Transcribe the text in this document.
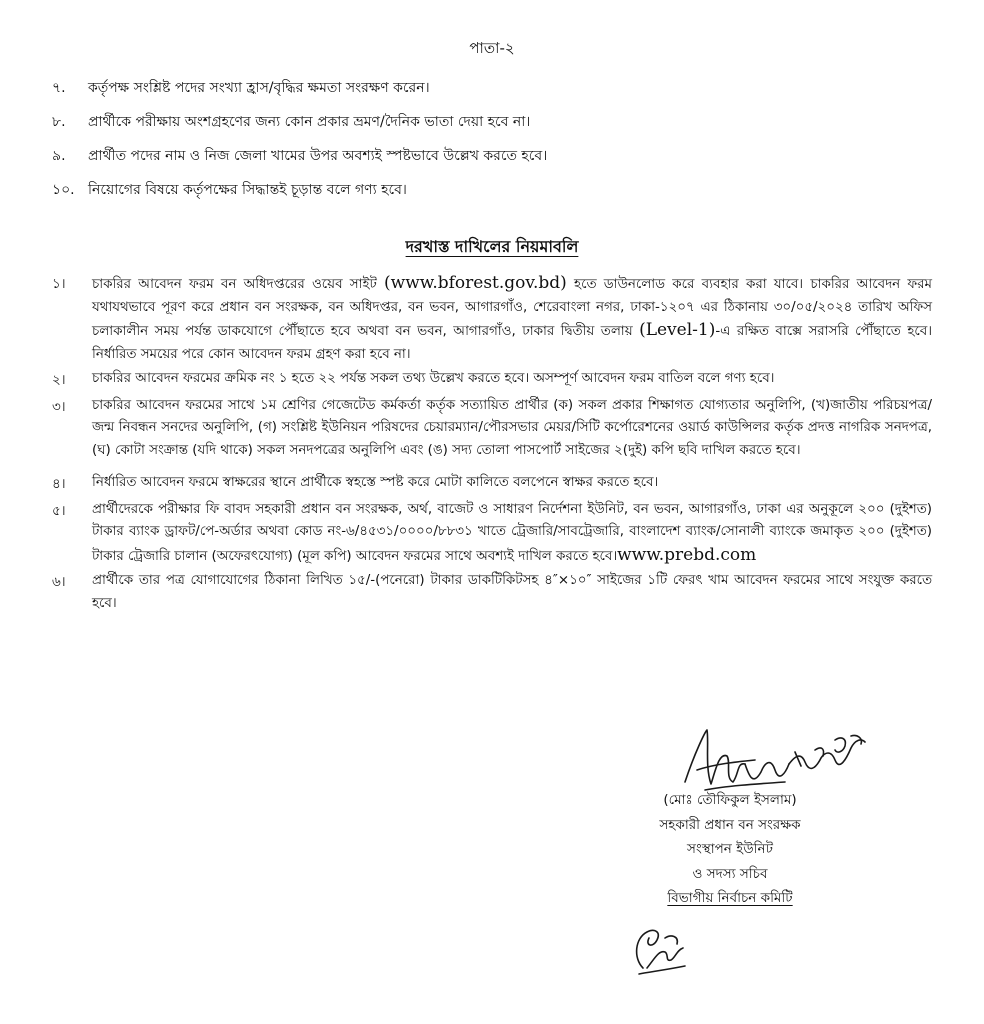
পাতা-২
৭.	কর্তৃপক্ষ সংশ্লিষ্ট পদের সংখ্যা হ্রাস/বৃদ্ধির ক্ষমতা সংরক্ষণ করেন।
৮.	প্রার্থীকে পরীক্ষায় অংশগ্রহণের জন্য কোন প্রকার ভ্রমণ/দৈনিক ভাতা দেয়া হবে না।
৯.	প্রার্থীত পদের নাম ও নিজ জেলা খামের উপর অবশ্যই স্পষ্টভাবে উল্লেখ করতে হবে।
১০. নিয়োগের বিষয়ে কর্তৃপক্ষের সিদ্ধান্তই চূড়ান্ত বলে গণ্য হবে।
দরখাস্ত দাখিলের নিয়মাবলি
১।	চাকরির আবেদন ফরম বন অধিদপ্তরের ওয়েব সাইট (www.bforest.gov.bd) হতে ডাউনলোড করে ব্যবহার করা যাবে। চাকরির আবেদন ফরম যথাযথভাবে পূরণ করে প্রধান বন সংরক্ষক, বন অধিদপ্তর, বন ভবন, আগারগাঁও, শেরেবাংলা নগর, ঢাকা-১২০৭ এর ঠিকানায় ৩০/০৫/২০২৪ তারিখ অফিস চলাকালীন সময় পর্যন্ত ডাকযোগে পৌঁছাতে হবে অথবা বন ভবন, আগারগাঁও, ঢাকার দ্বিতীয় তলায় (Level-1)-এ রক্ষিত বাক্সে সরাসরি পৌঁছাতে হবে। নির্ধারিত সময়ের পরে কোন আবেদন ফরম গ্রহণ করা হবে না।
২।	চাকরির আবেদন ফরমের ক্রমিক নং ১ হতে ২২ পর্যন্ত সকল তথ্য উল্লেখ করতে হবে। অসম্পূর্ণ আবেদন ফরম বাতিল বলে গণ্য হবে।
৩।	চাকরির আবেদন ফরমের সাথে ১ম শ্রেণির গেজেটেড কর্মকর্তা কর্তৃক সত্যায়িত প্রার্থীর (ক) সকল প্রকার শিক্ষাগত যোগ্যতার অনুলিপি, (খ)জাতীয় পরিচয়পত্র/জন্ম নিবন্ধন সনদের অনুলিপি, (গ) সংশ্লিষ্ট ইউনিয়ন পরিষদের চেয়ারম্যান/পৌরসভার মেয়র/সিটি কর্পোরেশনের ওয়ার্ড কাউন্সিলর কর্তৃক প্রদত্ত নাগরিক সনদপত্র, (ঘ) কোটা সংক্রান্ত (যদি থাকে) সকল সনদপত্রের অনুলিপি এবং (ঙ) সদ্য তোলা পাসপোর্ট সাইজের ২(দুই) কপি ছবি দাখিল করতে হবে।
৪।	নির্ধারিত আবেদন ফরমে স্বাক্ষরের স্থানে প্রার্থীকে স্বহস্তে স্পষ্ট করে মোটা কালিতে বলপেনে স্বাক্ষর করতে হবে।
৫।	প্রার্থীদেরকে পরীক্ষার ফি বাবদ সহকারী প্রধান বন সংরক্ষক, অর্থ, বাজেট ও সাধারণ নির্দেশনা ইউনিট, বন ভবন, আগারগাঁও, ঢাকা এর অনুকূলে ২০০ (দুইশত) টাকার ব্যাংক ড্রাফট/পে-অর্ডার অথবা কোড নং-৬/৪৫৩১/০০০০/৮৮৩১ খাতে ট্রেজারি/সাবট্রেজারি, বাংলাদেশ ব্যাংক/সোনালী ব্যাংকে জমাকৃত ২০০ (দুইশত) টাকার ট্রেজারি চালান (অফেরৎযোগ্য) (মূল কপি) আবেদন ফরমের সাথে অবশ্যই দাখিল করতে হবে।www.prebd.com
৬।	প্রার্থীকে তার পত্র যোগাযোগের ঠিকানা লিখিত ১৫/-(পনেরো) টাকার ডাকটিকিটসহ ৪″×১০″ সাইজের ১টি ফেরৎ খাম আবেদন ফরমের সাথে সংযুক্ত করতে হবে।
(মোঃ তৌফিকুল ইসলাম)
সহকারী প্রধান বন সংরক্ষক
সংস্থাপন ইউনিট
ও সদস্য সচিব
বিভাগীয় নির্বাচন কমিটি
